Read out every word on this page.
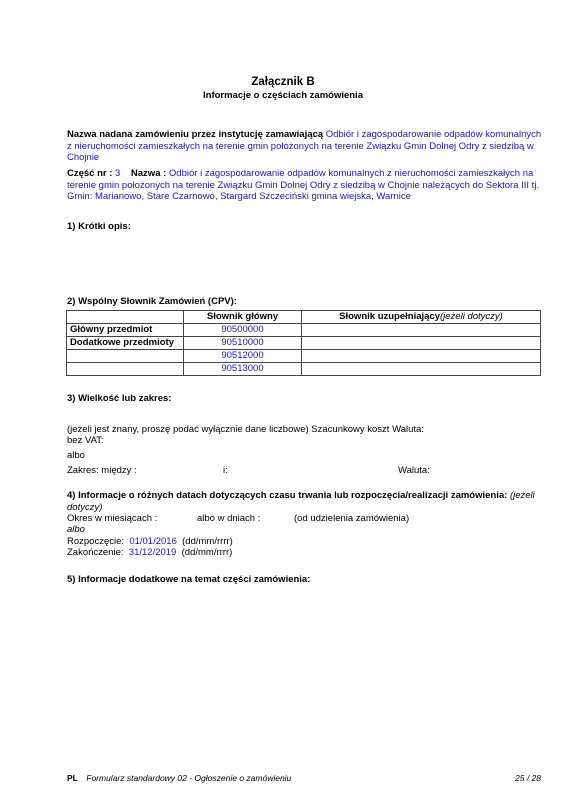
Załącznik B
Informacje o częściach zamówienia
Nazwa nadana zamówieniu przez instytucję zamawiającą Odbiór i zagospodarowanie odpadów komunalnych z nieruchomości zamieszkałych na terenie gmin położonych na terenie Związku Gmin Dolnej Odry z siedzibą w Chojnie
Część nr : 3 Nazwa : Odbiór i zagospodarowanie odpadów komunalnych z nieruchomości zamieszkałych na terenie gmin położonych na terenie Związku Gmin Dolnej Odry z siedzibą w Chojnie należących do Sektora III tj. Gmin: Marianowo, Stare Czarnowo, Stargard Szczeciński gmina wiejska, Warnice
1) Krótki opis:
2) Wspólny Słownik Zamówień (CPV):
	Słownik główny	Słownik uzupełniający(jeżeli dotyczy)
Główny przedmiot	90500000	
Dodatkowe przedmioty	90510000	
	90512000	
	90513000	
3) Wielkość lub zakres:
(jeżeli jest znany, proszę podać wyłącznie dane liczbowe) Szacunkowy koszt Waluta:
bez VAT:
albo
Zakres: między :	i:	Waluta:
4) Informacje o różnych datach dotyczących czasu trwania lub rozpoczęcia/realizacji zamówienia: (jeżeli dotyczy)
Okres w miesiącach :	albo w dniach :	(od udzielenia zamówienia)
albo
Rozpoczęcie: 01/01/2016 (dd/mm/rrrr)
Zakończenie: 31/12/2019 (dd/mm/rrrr)
5) Informacje dodatkowe na temat części zamówienia:
PL Formularz standardowy 02 - Ogłoszenie o zamówieniu	25 / 28
